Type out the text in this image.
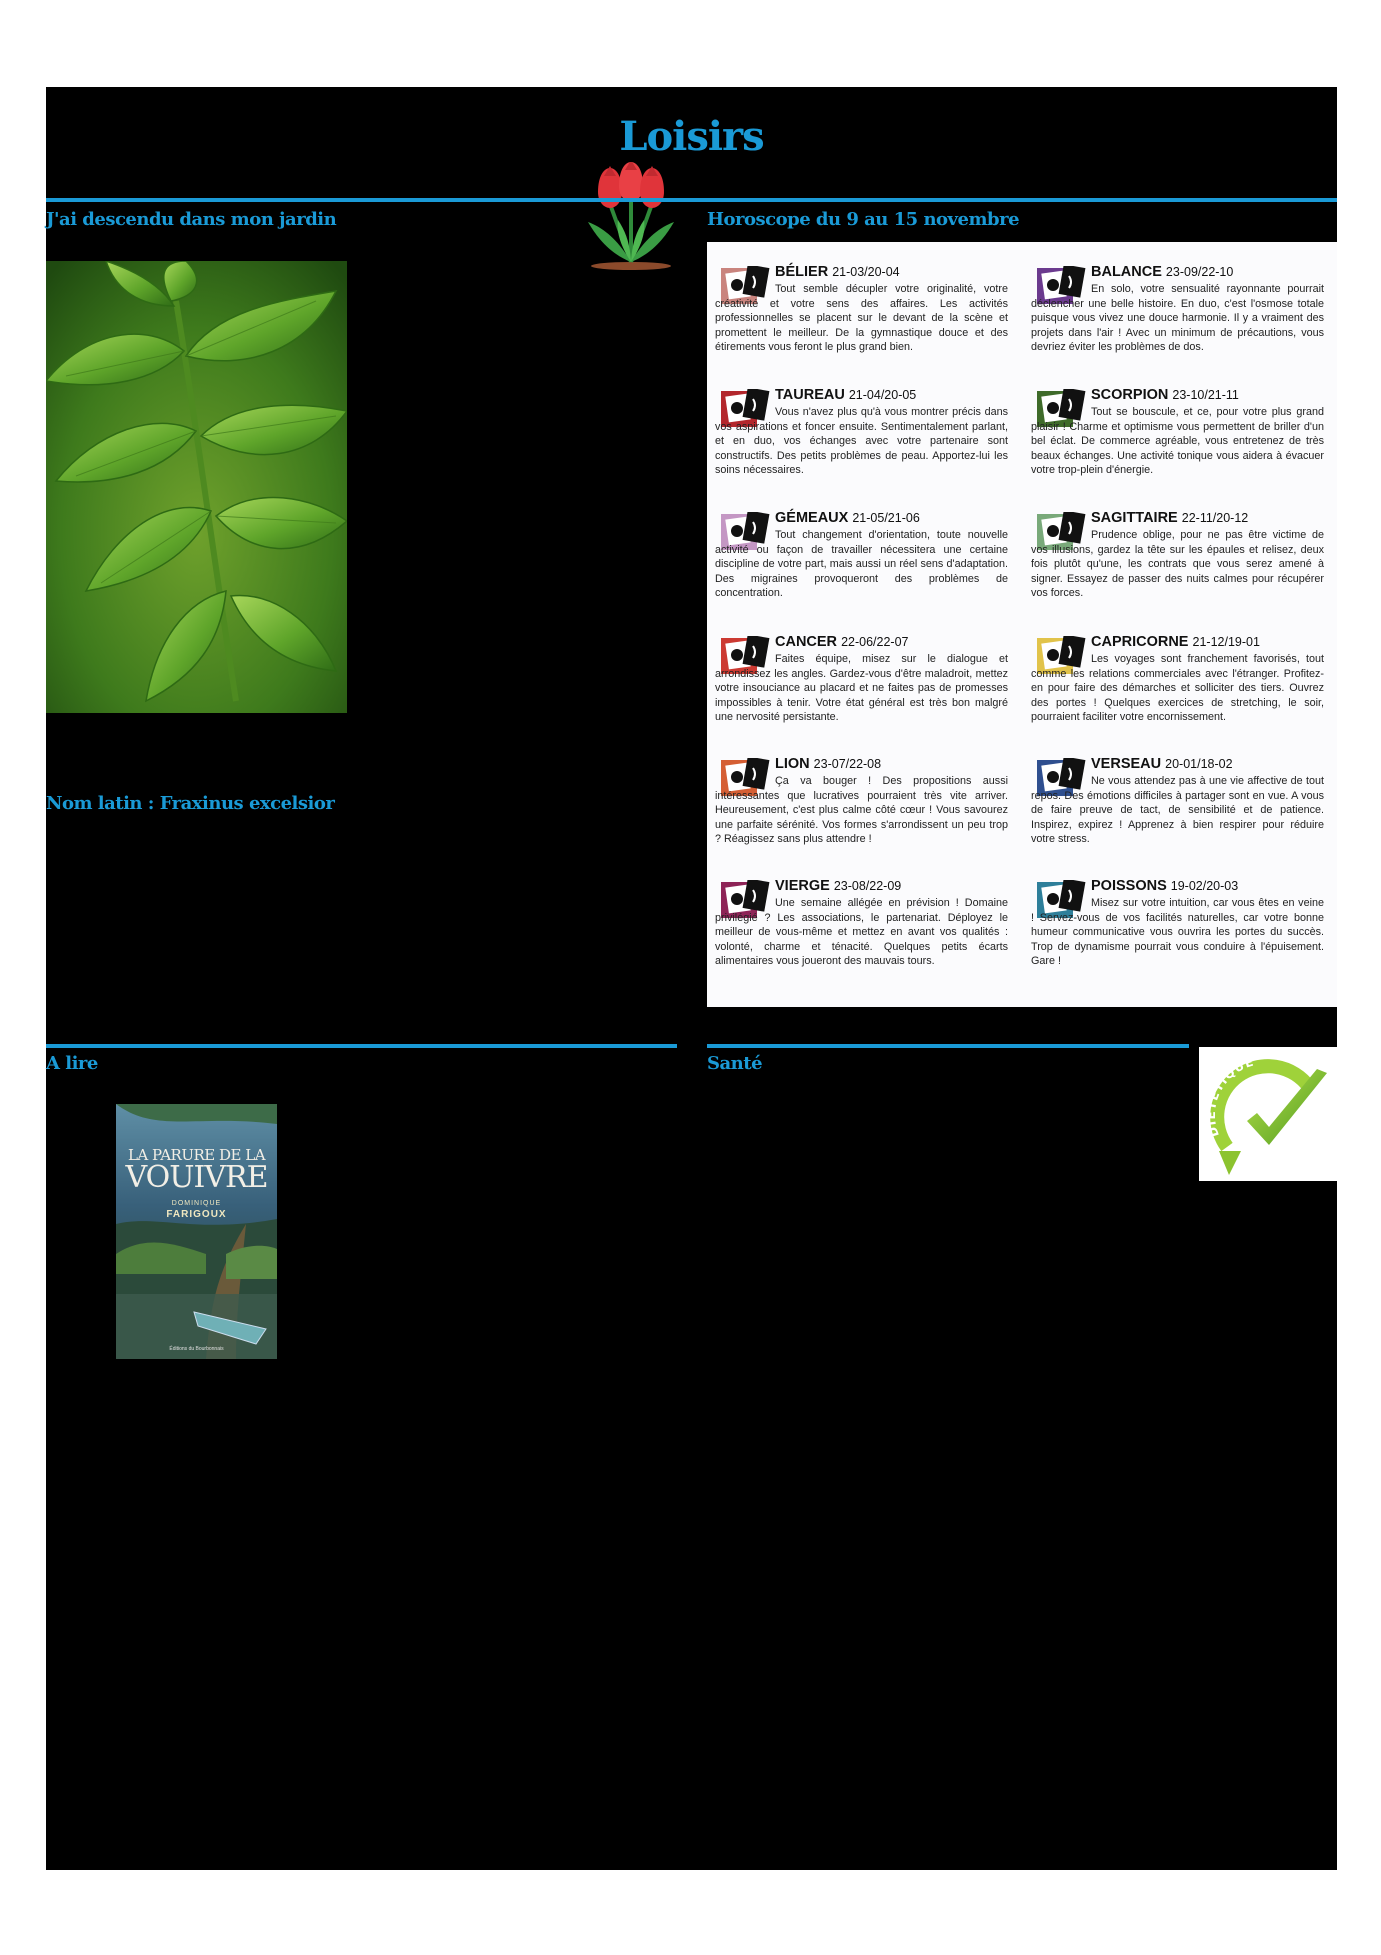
Loisirs
J'ai descendu dans mon jardin
Nom latin : Fraxinus excelsior
Horoscope du 9 au 15 novembre
BÉLIER 21-03/20-04

Tout semble décupler votre originalité, votre créativité et votre sens des affaires. Les activités professionnelles se placent sur le devant de la scène et promettent le meilleur. De la gymnastique douce et des étirements vous feront le plus grand bien.

BALANCE 23-09/22-10

En solo, votre sensualité rayonnante pourrait déclencher une belle histoire. En duo, c'est l'osmose totale puisque vous vivez une douce harmonie. Il y a vraiment des projets dans l'air ! Avec un minimum de précautions, vous devriez éviter les problèmes de dos.

TAUREAU 21-04/20-05

Vous n'avez plus qu'à vous montrer précis dans vos aspirations et foncer ensuite. Sentimentalement parlant, et en duo, vos échanges avec votre partenaire sont constructifs. Des petits problèmes de peau. Apportez-lui les soins nécessaires.

SCORPION 23-10/21-11

Tout se bouscule, et ce, pour votre plus grand plaisir ! Charme et optimisme vous permettent de briller d'un bel éclat. De commerce agréable, vous entretenez de très beaux échanges. Une activité tonique vous aidera à évacuer votre trop-plein d'énergie.

GÉMEAUX 21-05/21-06

Tout changement d'orientation, toute nouvelle activité ou façon de travailler nécessitera une certaine discipline de votre part, mais aussi un réel sens d'adaptation. Des migraines provoqueront des problèmes de concentration.

SAGITTAIRE 22-11/20-12

Prudence oblige, pour ne pas être victime de vos illusions, gardez la tête sur les épaules et relisez, deux fois plutôt qu'une, les contrats que vous serez amené à signer. Essayez de passer des nuits calmes pour récupérer vos forces.

CANCER 22-06/22-07

Faites équipe, misez sur le dialogue et arrondissez les angles. Gardez-vous d'être maladroit, mettez votre insouciance au placard et ne faites pas de promesses impossibles à tenir. Votre état général est très bon malgré une nervosité persistante.

CAPRICORNE 21-12/19-01

Les voyages sont franchement favorisés, tout comme les relations commerciales avec l'étranger. Profitez-en pour faire des démarches et solliciter des tiers. Ouvrez des portes ! Quelques exercices de stretching, le soir, pourraient faciliter votre encornissement.

LION 23-07/22-08

Ça va bouger ! Des propositions aussi intéressantes que lucratives pourraient très vite arriver. Heureusement, c'est plus calme côté cœur ! Vous savourez une parfaite sérénité. Vos formes s'arrondissent un peu trop ? Réagissez sans plus attendre !

VERSEAU 20-01/18-02

Ne vous attendez pas à une vie affective de tout repos. Des émotions difficiles à partager sont en vue. A vous de faire preuve de tact, de sensibilité et de patience. Inspirez, expirez ! Apprenez à bien respirer pour réduire votre stress.

VIERGE 23-08/22-09

Une semaine allégée en prévision ! Domaine privilégié ? Les associations, le partenariat. Déployez le meilleur de vous-même et mettez en avant vos qualités : volonté, charme et ténacité. Quelques petits écarts alimentaires vous joueront des mauvais tours.

POISSONS 19-02/20-03

Misez sur votre intuition, car vous êtes en veine ! Servez-vous de vos facilités naturelles, car votre bonne humeur communicative vous ouvrira les portes du succès. Trop de dynamisme pourrait vous conduire à l'épuisement. Gare !

A lire	Santé
LA PARURE DE LA
VOUIVRE
DOMINIQUE
FARIGOUX
Éditions du Bourbonnais
DIÉTÉTIQUE
